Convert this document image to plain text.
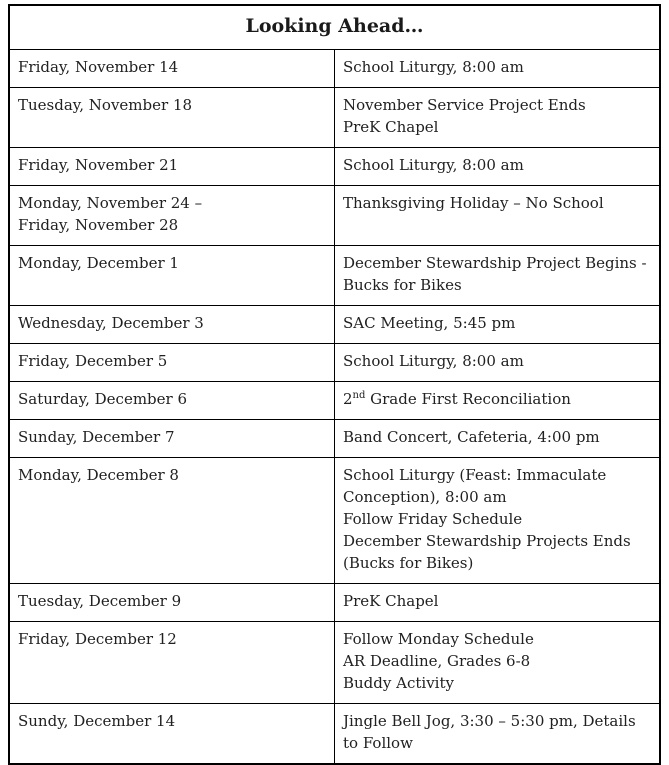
Looking Ahead…	
Friday, November 14	School Liturgy, 8:00 am

Tuesday, November 18	November Service Project Ends
PreK Chapel

Friday, November 21	School Liturgy, 8:00 am

Monday, November 24 –
Friday, November 28	Thanksgiving Holiday – No School

Monday, December 1	December Stewardship Project Begins -  Bucks for Bikes

Wednesday, December 3	SAC Meeting, 5:45 pm

Friday, December 5	School Liturgy, 8:00 am

Saturday, December 6	2nd Grade First Reconciliation

Sunday, December 7	Band Concert, Cafeteria, 4:00 pm

Monday, December 8	School Liturgy (Feast: Immaculate Conception), 8:00 am
Follow Friday Schedule
December Stewardship Projects Ends (Bucks for Bikes)

Tuesday, December 9	PreK Chapel

Friday, December 12	Follow Monday Schedule
AR Deadline, Grades 6-8
Buddy Activity

Sundy, December 14	Jingle Bell Jog, 3:30 – 5:30 pm, Details to Follow
